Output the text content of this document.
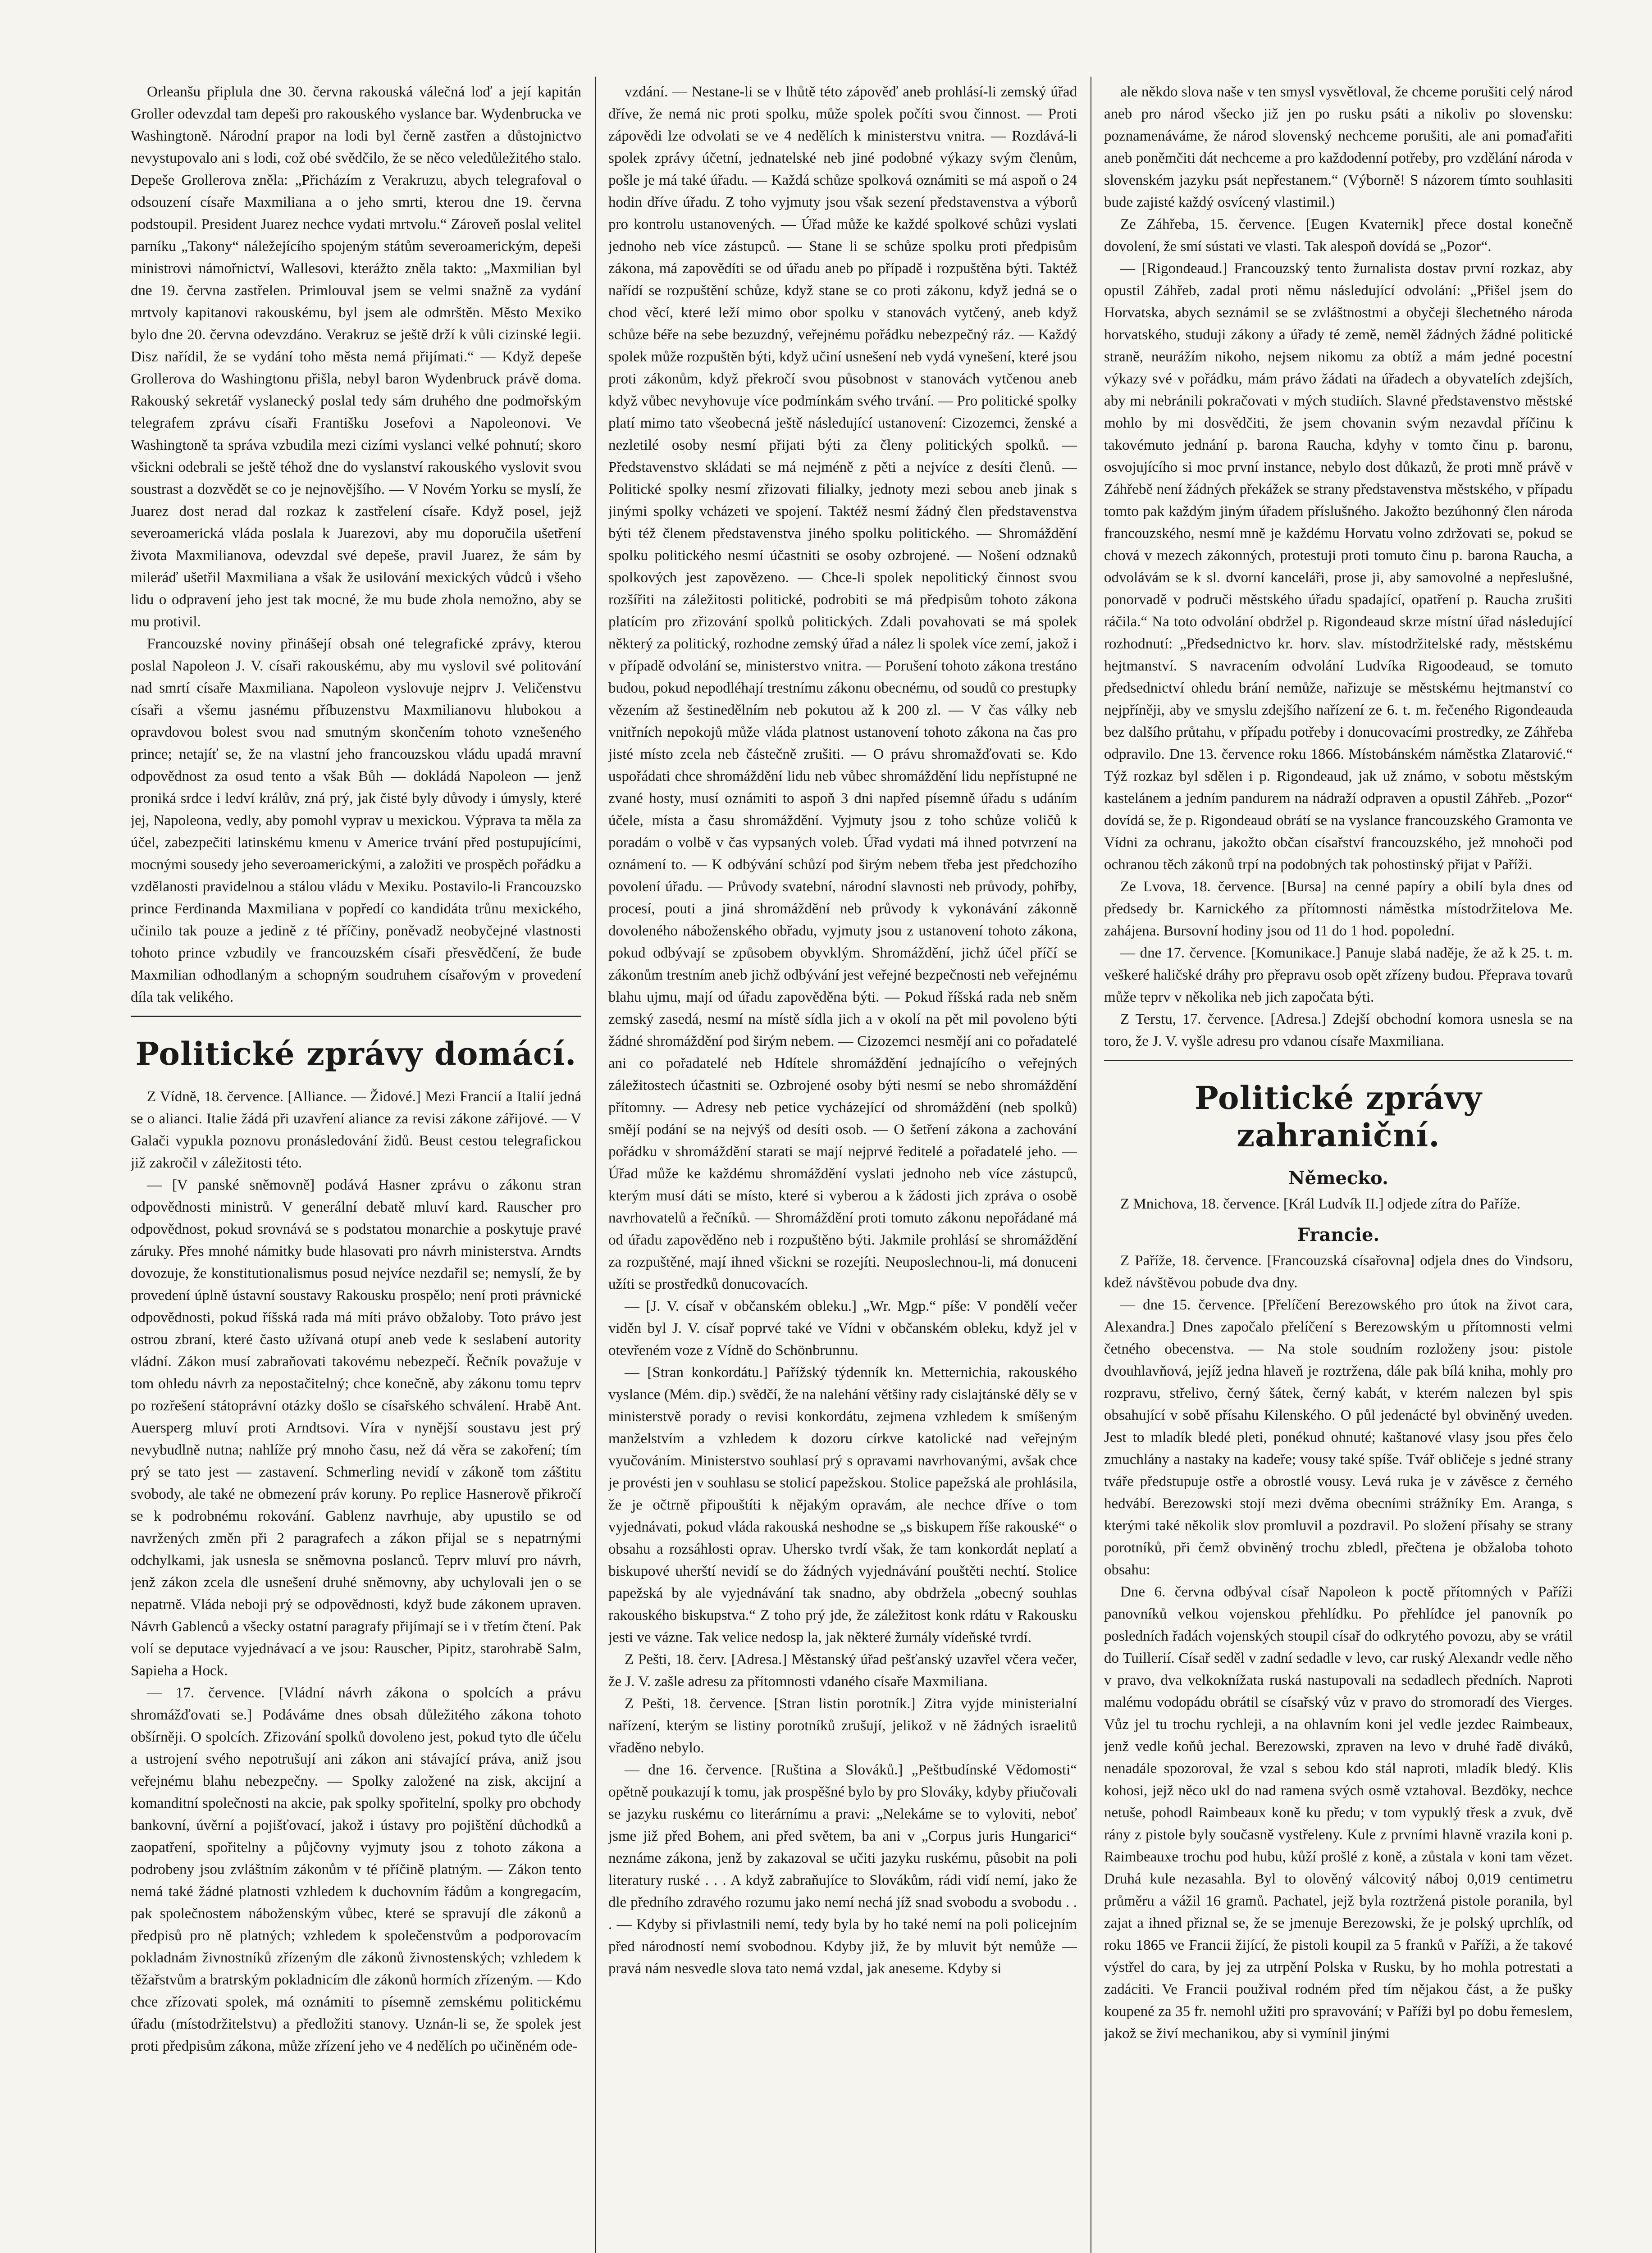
Orleanšu připlula dne 30. června rakouská válečná loď a její kapitán Groller odevzdal tam depeši pro rakouského vyslance bar. Wydenbrucka ve Washingtoně. Národní prapor na lodi byl černě zastřen a důstojnictvo nevystupovalo ani s lodi, což obé svědčilo, že se něco veledůležitého stalo. Depeše Grollerova zněla: „Přicházím z Verakruzu, abych telegrafoval o odsouzení císaře Maxmiliana a o jeho smrti, kterou dne 19. června podstoupil. President Juarez nechce vydati mrtvolu.“ Zároveň poslal velitel parníku „Takony“ náležejícího spojeným státům severoamerickým, depeši ministrovi námořnictví, Wallesovi, kterážto zněla takto: „Maxmilian byl dne 19. června zastřelen. Primlouval jsem se velmi snažně za vydání mrtvoly kapitanovi rakouskému, byl jsem ale odmrštěn. Město Mexiko bylo dne 20. června odevzdáno. Verakruz se ještě drží k vůli cizinské legii. Disz nařídil, že se vydání toho města nemá přijímati.“ — Když depeše Grollerova do Washingtonu přišla, nebyl baron Wydenbruck právě doma. Rakouský sekretář vyslanecký poslal tedy sám druhého dne podmořským telegrafem zprávu císaři Františku Josefovi a Napoleonovi. Ve Washingtoně ta správa vzbudila mezi cizími vyslanci velké pohnutí; skoro všickni odebrali se ještě téhož dne do vyslanství rakouského vyslovit svou soustrast a dozvědět se co je nejnovějšího. — V Novém Yorku se myslí, že Juarez dost nerad dal rozkaz k zastřelení císaře. Když posel, jejž severoamerická vláda poslala k Juarezovi, aby mu doporučila ušetření života Maxmilianova, odevzdal své depeše, pravil Juarez, že sám by mileráď ušetřil Maxmiliana a však že usilování mexických vůdců i všeho lidu o odpravení jeho jest tak mocné, že mu bude zhola nemožno, aby se mu protivil.

Francouzské noviny přinášejí obsah oné telegrafické zprávy, kterou poslal Napoleon J. V. císaři rakouskému, aby mu vyslovil své politování nad smrtí císaře Maxmiliana. Napoleon vyslovuje nejprv J. Veličenstvu císaři a všemu jasnému příbuzenstvu Maxmilianovu hlubokou a opravdovou bolest svou nad smutným skončením tohoto vznešeného prince; netajíť se, že na vlastní jeho francouzskou vládu upadá mravní odpovědnost za osud tento a však Bůh — dokládá Napoleon — jenž proniká srdce i ledví králův, zná prý, jak čisté byly důvody i úmysly, které jej, Napoleona, vedly, aby pomohl vyprav u mexickou. Výprava ta měla za účel, zabezpečiti latinskému kmenu v Americe trvání před postupujícími, mocnými sousedy jeho severoamerickými, a založiti ve prospěch pořádku a vzdělanosti pravidelnou a stálou vládu v Mexiku. Postavilo-li Francouzsko prince Ferdinanda Maxmiliana v popředí co kandidáta trůnu mexického, učinilo tak pouze a jedině z té příčiny, poněvadž neobyčejné vlastnosti tohoto prince vzbudily ve francouzském císaři přesvědčení, že bude Maxmilian odhodlaným a schopným soudruhem císařovým v provedení díla tak velikého.

Politické zprávy domácí.

Z Vídně, 18. července. [Alliance. — Židové.] Mezi Francií a Italií jedná se o alianci. Italie žádá při uzavření aliance za revisi zákone zářijové. — V Galači vypukla poznovu pronásledování židů. Beust cestou telegrafickou již zakročil v záležitosti této.

— [V panské sněmovně] podává Hasner zprávu o zákonu stran odpovědnosti ministrů. V generální debatě mluví kard. Rauscher pro odpovědnost, pokud srovnává se s podstatou monarchie a poskytuje pravé záruky. Přes mnohé námitky bude hlasovati pro návrh ministerstva. Arndts dovozuje, že konstitutionalismus posud nejvíce nezdařil se; nemyslí, že by provedení úplně ústavní soustavy Rakousku prospělo; není proti právnické odpovědnosti, pokud říšská rada má míti právo obžaloby. Toto právo jest ostrou zbraní, které často užívaná otupí aneb vede k seslabení autority vládní. Zákon musí zabraňovati takovému nebezpečí. Řečník považuje v tom ohledu návrh za nepostačitelný; chce konečně, aby zákonu tomu teprv po rozřešení státoprávní otázky došlo se císařského schválení. Hrabě Ant. Auersperg mluví proti Arndtsovi. Víra v nynější soustavu jest prý nevybudlně nutna; nahlíže prý mnoho času, než dá věra se zakoření; tím prý se tato jest — zastavení. Schmerling nevidí v zákoně tom záštitu svobody, ale také ne obmezení práv koruny. Po replice Hasnerově přikročí se k podrobnému rokování. Gablenz navrhuje, aby upustilo se od navržených změn při 2 paragrafech a zákon přijal se s nepatrnými odchylkami, jak usnesla se sněmovna poslanců. Teprv mluví pro návrh, jenž zákon zcela dle usnešení druhé sněmovny, aby uchylovali jen o se nepatrně. Vláda neboji prý se odpovědnosti, když bude zákonem upraven. Návrh Gablenců a všecky ostatní paragrafy přijímají se i v třetím čtení. Pak volí se deputace vyjednávací a ve jsou: Rauscher, Pipitz, starohrabě Salm, Sapieha a Hock.

— 17. července. [Vládní návrh zákona o spolcích a právu shromážďovati se.] Podáváme dnes obsah důležitého zákona tohoto obšírněji. O spolcích. Zřizování spolků dovoleno jest, pokud tyto dle účelu a ustrojení svého nepotrušují ani zákon ani stávající práva, aniž jsou veřejnému blahu nebezpečny. — Spolky založené na zisk, akcijní a komanditní společnosti na akcie, pak spolky spořitelní, spolky pro obchody bankovní, úvěrní a pojišťovací, jakož i ústavy pro pojištění důchodků a zaopatření, spořitelny a půjčovny vyjmuty jsou z tohoto zákona a podrobeny jsou zvláštním zákonům v té příčině platným. — Zákon tento nemá také žádné platnosti vzhledem k duchovním řádům a kongregacím, pak společnostem náboženským vůbec, které se spravují dle zákonů a předpisů pro ně platných; vzhledem k společenstvům a podporovacím pokladnám živnostníků zřízeným dle zákonů živnostenských; vzhledem k těžařstvům a bratrským pokladnicím dle zákonů hormích zřízeným. — Kdo chce zřízovati spolek, má oznámiti to písemně zemskému politickému úřadu (místodržitelstvu) a předložiti stanovy. Uznán-li se, že spolek jest proti předpisům zákona, může zřízení jeho ve 4 nedělích po učiněném ode-

vzdání. — Nestane-li se v lhůtě této zápověď aneb prohlásí-li zemský úřad dříve, že nemá nic proti spolku, může spolek počíti svou činnost. — Proti zápovědi lze odvolati se ve 4 nedělích k ministerstvu vnitra. — Rozdává-li spolek zprávy účetní, jednatelské neb jiné podobné výkazy svým členům, pošle je má také úřadu. — Každá schůze spolková oznámiti se má aspoň o 24 hodin dříve úřadu. Z toho vyjmuty jsou však sezení představenstva a výborů pro kontrolu ustanovených. — Úřad může ke každé spolkové schůzi vyslati jednoho neb více zástupců. — Stane li se schůze spolku proti předpisům zákona, má zapovědíti se od úřadu aneb po případě i rozpuštěna býti. Taktéž nařídí se rozpuštění schůze, když stane se co proti zákonu, když jedná se o chod věcí, které leží mimo obor spolku v stanovách vytčený, aneb když schůze béře na sebe bezuzdný, veřejnému pořádku nebezpečný ráz. — Každý spolek může rozpuštěn býti, když učiní usnešení neb vydá vynešení, které jsou proti zákonům, když překročí svou působnost v stanovách vytčenou aneb když vůbec nevyhovuje více podmínkám svého trvání. — Pro politické spolky platí mimo tato všeobecná ještě následující ustanovení: Cizozemci, ženské a nezletilé osoby nesmí přijati býti za členy politických spolků. — Představenstvo skládati se má nejméně z pěti a nejvíce z desíti členů. — Politické spolky nesmí zřizovati filialky, jednoty mezi sebou aneb jinak s jinými spolky vcházeti ve spojení. Taktéž nesmí žádný člen představenstva býti též členem představenstva jiného spolku politického. — Shromáždění spolku politického nesmí účastniti se osoby ozbrojené. — Nošení odznaků spolkových jest zapovězeno. — Chce-li spolek nepolitický činnost svou rozšířiti na záležitosti politické, podrobiti se má předpisům tohoto zákona platícím pro zřizování spolků politických. Zdali povahovati se má spolek některý za politický, rozhodne zemský úřad a nález li spolek více zemí, jakož i v případě odvolání se, ministerstvo vnitra. — Porušení tohoto zákona trestáno budou, pokud nepodléhají trestnímu zákonu obecnému, od soudů co prestupky vězením až šestinedělním neb pokutou až k 200 zl. — V čas války neb vnitřních nepokojů může vláda platnost ustanovení tohoto zákona na čas pro jisté místo zcela neb částečně zrušiti. — O právu shromažďovati se. Kdo uspořádati chce shromáždění lidu neb vůbec shromáždění lidu nepřístupné ne zvané hosty, musí oznámiti to aspoň 3 dni napřed písemně úřadu s udáním účele, místa a času shromáždění. Vyjmuty jsou z toho schůze voličů k poradám o volbě v čas vypsaných voleb. Úřad vydati má ihned potvrzení na oznámení to. — K odbývání schůzí pod širým nebem třeba jest předchozího povolení úřadu. — Průvody svatební, národní slavnosti neb průvody, pohřby, procesí, pouti a jiná shromáždění neb průvody k vykonávání zákonně dovoleného náboženského obřadu, vyjmuty jsou z ustanovení tohoto zákona, pokud odbývají se způsobem obyvklým. Shromáždění, jichž účel příčí se zákonům trestním aneb jichž odbývání jest veřejné bezpečnosti neb veřejnému blahu ujmu, mají od úřadu zapověděna býti. — Pokud říšská rada neb sněm zemský zasedá, nesmí na místě sídla jich a v okolí na pět mil povoleno býti žádné shromáždění pod širým nebem. — Cizozemci nesmějí ani co pořadatelé ani co pořadatelé neb Hdítele shromáždění jednajícího o veřejných záležitostech účastniti se. Ozbrojené osoby býti nesmí se nebo shromáždění přítomny. — Adresy neb petice vycházející od shromáždění (neb spolků) smějí podání se na nejvýš od desíti osob. — O šetření zákona a zachování pořádku v shromáždění starati se mají nejprvé ředitelé a pořadatelé jeho. — Úřad může ke každému shromáždění vyslati jednoho neb více zástupců, kterým musí dáti se místo, které si vyberou a k žádosti jich zpráva o osobě navrhovatelů a řečníků. — Shromáždění proti tomuto zákonu nepořádané má od úřadu zapověděno neb i rozpuštěno býti. Jakmile prohlásí se shromáždění za rozpuštěné, mají ihned všickni se rozejíti. Neuposlechnou-li, má donuceni užíti se prostředků donucovacích.

— [J. V. císař v občanském obleku.] „Wr. Mgp.“ píše: V pondělí večer viděn byl J. V. císař poprvé také ve Vídni v občanském obleku, když jel v otevřeném voze z Vídně do Schönbrunnu.

— [Stran konkordátu.] Pařížský týdenník kn. Metternichia, rakouského vyslance (Mém. dip.) svědčí, že na nalehání většiny rady cislajtánské děly se v ministerstvě porady o revisi konkordátu, zejmena vzhledem k smíšeným manželstvím a vzhledem k dozoru církve katolické nad veřejným vyučováním. Ministerstvo souhlasí prý s opravami navrhovanými, avšak chce je provésti jen v souhlasu se stolicí papežskou. Stolice papežská ale prohlásila, že je očtrně připouštíti k nějakým opravám, ale nechce dříve o tom vyjednávati, pokud vláda rakouská neshodne se „s biskupem říše rakouské“ o obsahu a rozsáhlosti oprav. Uhersko tvrdí však, že tam konkordát neplatí a biskupové uherští nevidí se do žádných vyjednávání pouštěti nechtí. Stolice papežská by ale vyjednávání tak snadno, aby obdržela „obecný souhlas rakouského biskupstva.“ Z toho prý jde, že záležitost konk rdátu v Rakousku jesti ve vázne. Tak velice nedosp la, jak některé žurnály vídeňské tvrdí.

Z Pešti, 18. červ. [Adresa.] Městanský úřad pešťanský uzavřel včera večer, že J. V. zašle adresu za přítomnosti vdaného císaře Maxmiliana.

Z Pešti, 18. července. [Stran listin porotník.] Zitra vyjde ministerialní nařízení, kterým se listiny porotníků zrušují, jelikož v ně žádných israelitů vřaděno nebylo.

— dne 16. července. [Ruština a Slováků.] „Peštbudínské Vědomosti“ opětně poukazují k tomu, jak prospěšné bylo by pro Slováky, kdyby přiučovali se jazyku ruskému co literárnímu a pravi: „Nelekáme se to vyloviti, neboť jsme již před Bohem, ani před světem, ba ani v „Corpus juris Hungarici“ neznáme zákona, jenž by zakazoval se učiti jazyku ruskému, působit na poli literatury ruské . . . A když zabraňujíce to Slovákům, rádi vidí nemí, jako že dle předního zdravého rozumu jako nemí nechá jíž snad svobodu a svobodu . . . — Kdyby si přivlastnili nemí, tedy byla by ho také nemí na poli policejním před národností nemí svobodnou. Kdyby již, že by mluvit být nemůže — pravá nám nesvedle slova tato nemá vzdal, jak aneseme. Kdyby si

ale někdo slova naše v ten smysl vysvětloval, že chceme porušiti celý národ aneb pro národ všecko již jen po rusku psáti a nikoliv po slovensku: poznamenáváme, že národ slovenský nechceme porušiti, ale ani pomaďařiti aneb poněmčiti dát nechceme a pro každodenní potřeby, pro vzdělání národa v slovenském jazyku psát nepřestanem.“ (Výborně! S názorem tímto souhlasiti bude zajisté každý osvícený vlastimil.)

Ze Záhřeba, 15. července. [Eugen Kvaternik] přece dostal konečně dovolení, že smí sústati ve vlasti. Tak alespoň dovídá se „Pozor“.

— [Rigondeaud.] Francouzský tento žurnalista dostav první rozkaz, aby opustil Záhřeb, zadal proti němu následující odvolání: „Přišel jsem do Horvatska, abych seznámil se se zvláštnostmi a obyčeji šlechetného národa horvatského, studuji zákony a úřady té země, neměl žádných žádné politické straně, neurážím nikoho, nejsem nikomu za obtíž a mám jedné pocestní výkazy své v pořádku, mám právo žádati na úřadech a obyvatelích zdejších, aby mi nebránili pokračovati v mých studiích. Slavné představenstvo městské mohlo by mi dosvědčiti, že jsem chovanin svým nezavdal příčinu k takovémuto jednání p. barona Raucha, kdyhy v tomto činu p. baronu, osvojujícího si moc první instance, nebylo dost důkazů, že proti mně právě v Záhřebě není žádných překážek se strany představenstva městského, v případu tomto pak každým jiným úřadem příslušného. Jakožto bezúhonný člen národa francouzského, nesmí mně je každému Horvatu volno zdržovati se, pokud se chová v mezech zákonných, protestuji proti tomuto činu p. barona Raucha, a odvolávám se k sl. dvorní kanceláři, prose ji, aby samovolné a nepřeslušné, ponorvadě v područi městského úřadu spadající, opatření p. Raucha zrušiti ráčila.“ Na toto odvolání obdržel p. Rigondeaud skrze místní úřad následující rozhodnutí: „Předsednictvo kr. horv. slav. místodržitelské rady, městskému hejtmanství. S navracením odvolání Ludvíka Rigoodeaud, se tomuto předsednictví ohledu brání nemůže, nařizuje se městskému hejtmanství co nejpříněji, aby ve smyslu zdejšího nařízení ze 6. t. m. řečeného Rigondeauda bez dalšího průtahu, v případu potřeby i donucovacími prostredky, ze Záhřeba odpravilo. Dne 13. července roku 1866. Místobánském náměstka Zlatarović.“ Týž rozkaz byl sdělen i p. Rigondeaud, jak už známo, v sobotu městským kastelánem a jedním pandurem na nádraží odpraven a opustil Záhřeb. „Pozor“ dovídá se, že p. Rigondeaud obrátí se na vyslance francouzského Gramonta ve Vídni za ochranu, jakožto občan císařství francouzského, jež mnohoči pod ochranou těch zákonů trpí na podobných tak pohostinský přijat v Paříži.

Ze Lvova, 18. července. [Bursa] na cenné papíry a obilí byla dnes od předsedy br. Karnického za přítomnosti náměstka místodržitelova Me. zahájena. Bursovní hodiny jsou od 11 do 1 hod. popolední.

— dne 17. července. [Komunikace.] Panuje slabá naděje, že až k 25. t. m. veškeré haličské dráhy pro přepravu osob opět zřízeny budou. Přeprava tovarů může teprv v několika neb jich započata býti.

Z Terstu, 17. července. [Adresa.] Zdejší obchodní komora usnesla se na toro, že J. V. vyšle adresu pro vdanou císaře Maxmiliana.

Politické zprávy zahraniční.
Německo.

Z Mnichova, 18. července. [Král Ludvík II.] odjede zítra do Paříže.

Francie.

Z Paříže, 18. července. [Francouzská císařovna] odjela dnes do Vindsoru, kdež návštěvou pobude dva dny.

— dne 15. července. [Přelíčení Berezowského pro útok na život cara, Alexandra.] Dnes započalo přelíčení s Berezowským u přítomnosti velmi četného obecenstva. — Na stole soudním rozloženy jsou: pistole dvouhlavňová, jejíž jedna hlaveň je roztržena, dále pak bílá kniha, mohly pro rozpravu, střelivo, černý šátek, černý kabát, v kterém nalezen byl spis obsahující v sobě přísahu Kilenského. O půl jedenácté byl obviněný uveden. Jest to mladík bledé pleti, ponékud ohnuté; kaštanové vlasy jsou přes čelo zmuchlány a nastaky na kadeře; vousy také spíše. Tvář obličeje s jedné strany tváře předstupuje ostře a obrostlé vousy. Levá ruka je v závěsce z černého hedvábí. Berezowski stojí mezi dvěma obecními strážníky Em. Aranga, s kterými také několik slov promluvil a pozdravil. Po složení přísahy se strany porotníků, při čemž obviněný trochu zbledl, přečtena je obžaloba tohoto obsahu:

Dne 6. června odbýval císař Napoleon k poctě přítomných v Paříži panovníků velkou vojenskou přehlídku. Po přehlídce jel panovník po posledních řadách vojenských stoupil císař do odkrytého povozu, aby se vrátil do Tuillerií. Císař seděl v zadní sedadle v levo, car ruský Alexandr vedle něho v pravo, dva velkoknížata ruská nastupovali na sedadlech předních. Naproti malému vodopádu obrátil se císařský vůz v pravo do stromoradí des Vierges. Vůz jel tu trochu rychleji, a na ohlavním koni jel vedle jezdec Raimbeaux, jenž vedle koňů jechal. Berezowski, zpraven na levo v druhé řadě diváků, nenadále spozoroval, že vzal s sebou kdo stál naproti, mladík bledý. Klis kohosi, jejž něco ukl do nad ramena svých osmě vztahoval. Bezdöky, nechce netuše, pohodl Raimbeaux koně ku předu; v tom vypuklý třesk a zvuk, dvě rány z pistole byly současně vystřeleny. Kule z prvními hlavně vrazila koni p. Raimbeauxe trochu pod hubu, kůží prošlé z koně, a zůstala v koni tam vězet. Druhá kule nezasahla. Byl to olověný válcovitý náboj 0,019 centimetru průměru a vážil 16 gramů. Pachatel, jejž byla roztržená pistole poranila, byl zajat a ihned přiznal se, že se jmenuje Berezowski, že je polský uprchlík, od roku 1865 ve Francii žijící, že pistoli koupil za 5 franků v Paříži, a že takové výstřel do cara, by jej za utrpění Polska v Rusku, by ho mohla potrestati a zadáciti. Ve Francii použival rodném před tím nějakou část, a že pušky koupené za 35 fr. nemohl užiti pro spravování; v Paříži byl po dobu řemeslem, jakož se živí mechanikou, aby si vymínil jinými
